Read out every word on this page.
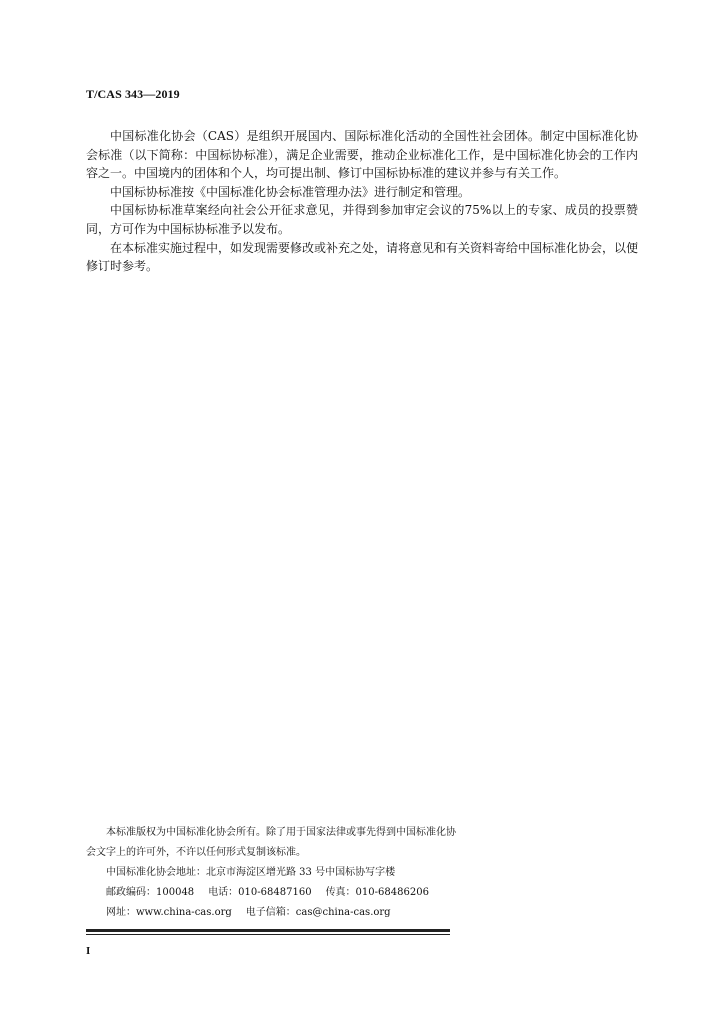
T/CAS 343—2019

中国标准化协会（CAS）是组织开展国内、国际标准化活动的全国性社会团体。制定中国标准化协会标准（以下简称：中国标协标准），满足企业需要，推动企业标准化工作，是中国标准化协会的工作内容之一。中国境内的团体和个人，均可提出制、修订中国标协标准的建议并参与有关工作。

中国标协标准按《中国标准化协会标准管理办法》进行制定和管理。

中国标协标准草案经向社会公开征求意见，并得到参加审定会议的75%以上的专家、成员的投票赞同，方可作为中国标协标准予以发布。

在本标准实施过程中，如发现需要修改或补充之处，请将意见和有关资料寄给中国标准化协会，以便修订时参考。

本标准版权为中国标准化协会所有。除了用于国家法律或事先得到中国标准化协会文字上的许可外，不许以任何形式复制该标准。

中国标准化协会地址：北京市海淀区增光路 33 号中国标协写字楼
邮政编码：100048 电话：010-68487160 传真：010-68486206
网址：www.china-cas.org 电子信箱：cas@china-cas.org
I
